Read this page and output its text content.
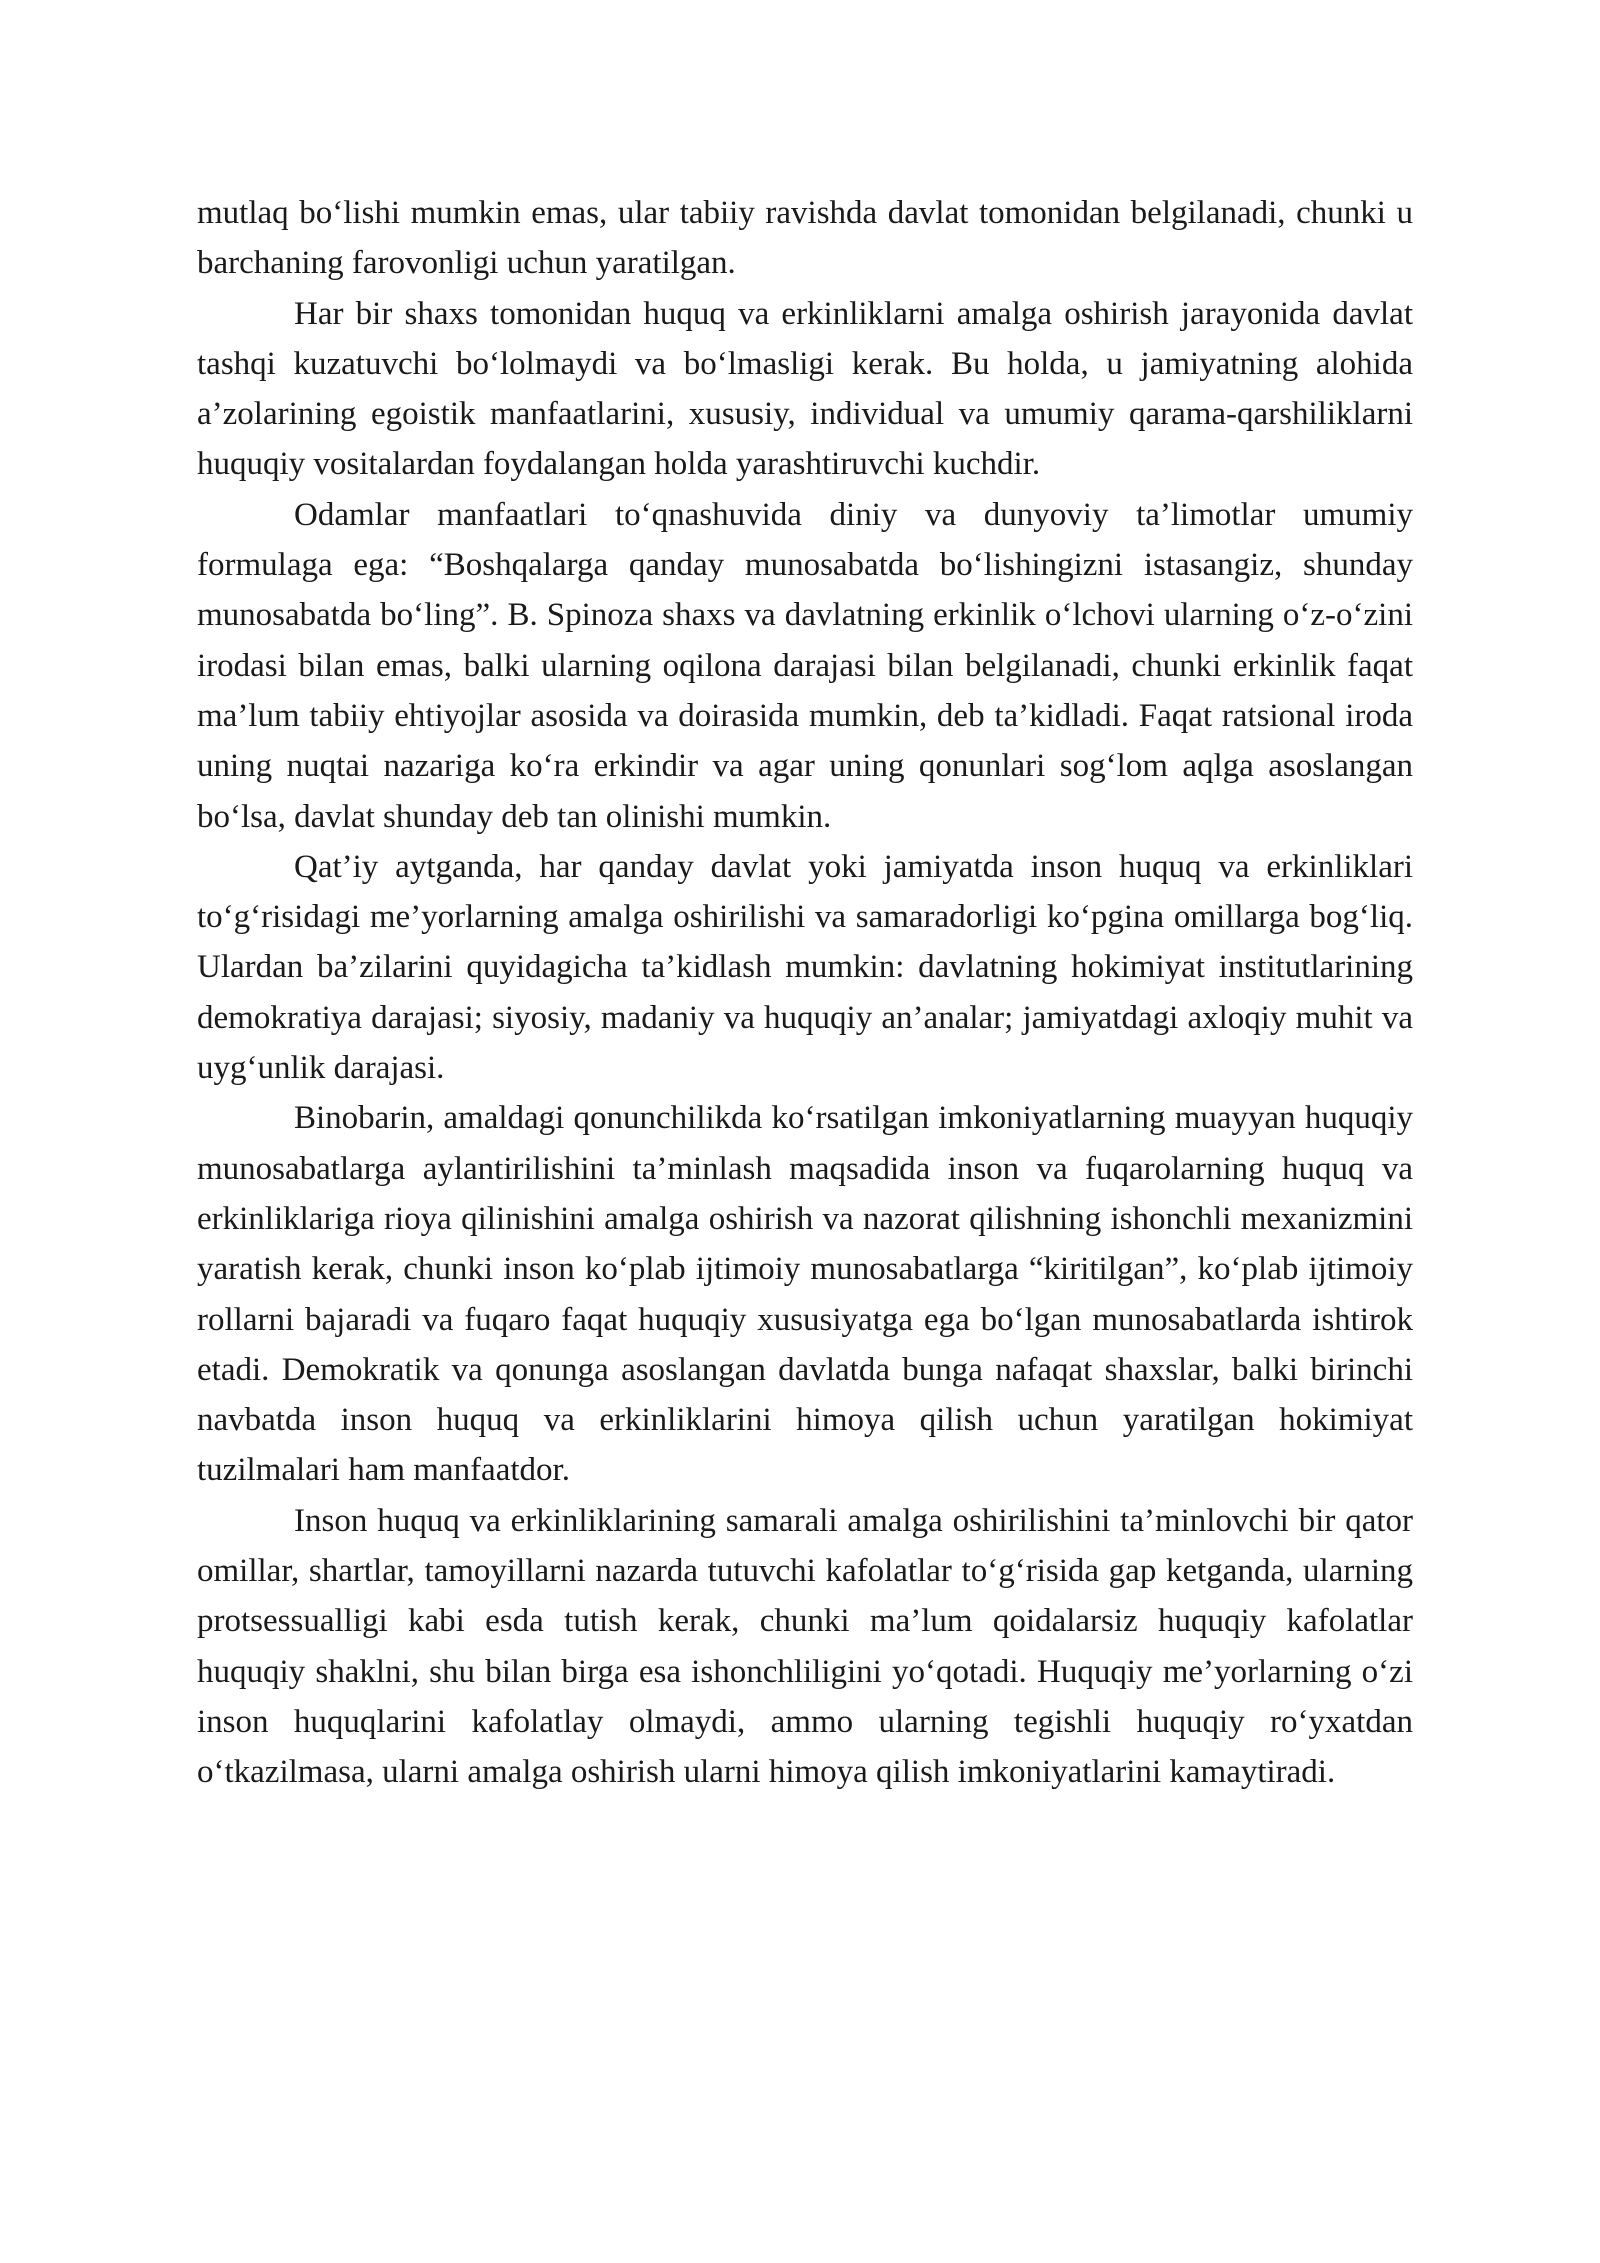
mutlaq bo‘lishi mumkin emas, ular tabiiy ravishda davlat tomonidan belgilanadi, chunki u barchaning farovonligi uchun yaratilgan.

Har bir shaxs tomonidan huquq va erkinliklarni amalga oshirish jarayonida davlat tashqi kuzatuvchi bo‘lolmaydi va bo‘lmasligi kerak. Bu holda, u jamiyatning alohida a’zolarining egoistik manfaatlarini, xususiy, individual va umumiy qarama-qarshiliklarni huquqiy vositalardan foydalangan holda yarashtiruvchi kuchdir.

Odamlar manfaatlari to‘qnashuvida diniy va dunyoviy ta’limotlar umumiy formulaga ega: “Boshqalarga qanday munosabatda bo‘lishingizni istasangiz, shunday munosabatda bo‘ling”. B. Spinoza shaxs va davlatning erkinlik o‘lchovi ularning o‘z-o‘zini irodasi bilan emas, balki ularning oqilona darajasi bilan belgilanadi, chunki erkinlik faqat ma’lum tabiiy ehtiyojlar asosida va doirasida mumkin, deb ta’kidladi. Faqat ratsional iroda uning nuqtai nazariga ko‘ra erkindir va agar uning qonunlari sog‘lom aqlga asoslangan bo‘lsa, davlat shunday deb tan olinishi mumkin.

Qat’iy aytganda, har qanday davlat yoki jamiyatda inson huquq va erkinliklari to‘g‘risidagi me’yorlarning amalga oshirilishi va samaradorligi ko‘pgina omillarga bog‘liq. Ulardan ba’zilarini quyidagicha ta’kidlash mumkin: davlatning hokimiyat institutlarining demokratiya darajasi; siyosiy, madaniy va huquqiy an’analar; jamiyatdagi axloqiy muhit va uyg‘unlik darajasi.

Binobarin, amaldagi qonunchilikda ko‘rsatilgan imkoniyatlarning muayyan huquqiy munosabatlarga aylantirilishini ta’minlash maqsadida inson va fuqarolarning huquq va erkinliklariga rioya qilinishini amalga oshirish va nazorat qilishning ishonchli mexanizmini yaratish kerak, chunki inson ko‘plab ijtimoiy munosabatlarga “kiritilgan”, ko‘plab ijtimoiy rollarni bajaradi va fuqaro faqat huquqiy xususiyatga ega bo‘lgan munosabatlarda ishtirok etadi. Demokratik va qonunga asoslangan davlatda bunga nafaqat shaxslar, balki birinchi navbatda inson huquq va erkinliklarini himoya qilish uchun yaratilgan hokimiyat tuzilmalari ham manfaatdor.

Inson huquq va erkinliklarining samarali amalga oshirilishini ta’minlovchi bir qator omillar, shartlar, tamoyillarni nazarda tutuvchi kafolatlar to‘g‘risida gap ketganda, ularning protsessualligi kabi esda tutish kerak, chunki ma’lum qoidalarsiz huquqiy kafolatlar huquqiy shaklni, shu bilan birga esa ishonchliligini yo‘qotadi. Huquqiy me’yorlarning o‘zi inson huquqlarini kafolatlay olmaydi, ammo ularning tegishli huquqiy ro‘yxatdan o‘tkazilmasa, ularni amalga oshirish ularni himoya qilish imkoniyatlarini kamaytiradi.
